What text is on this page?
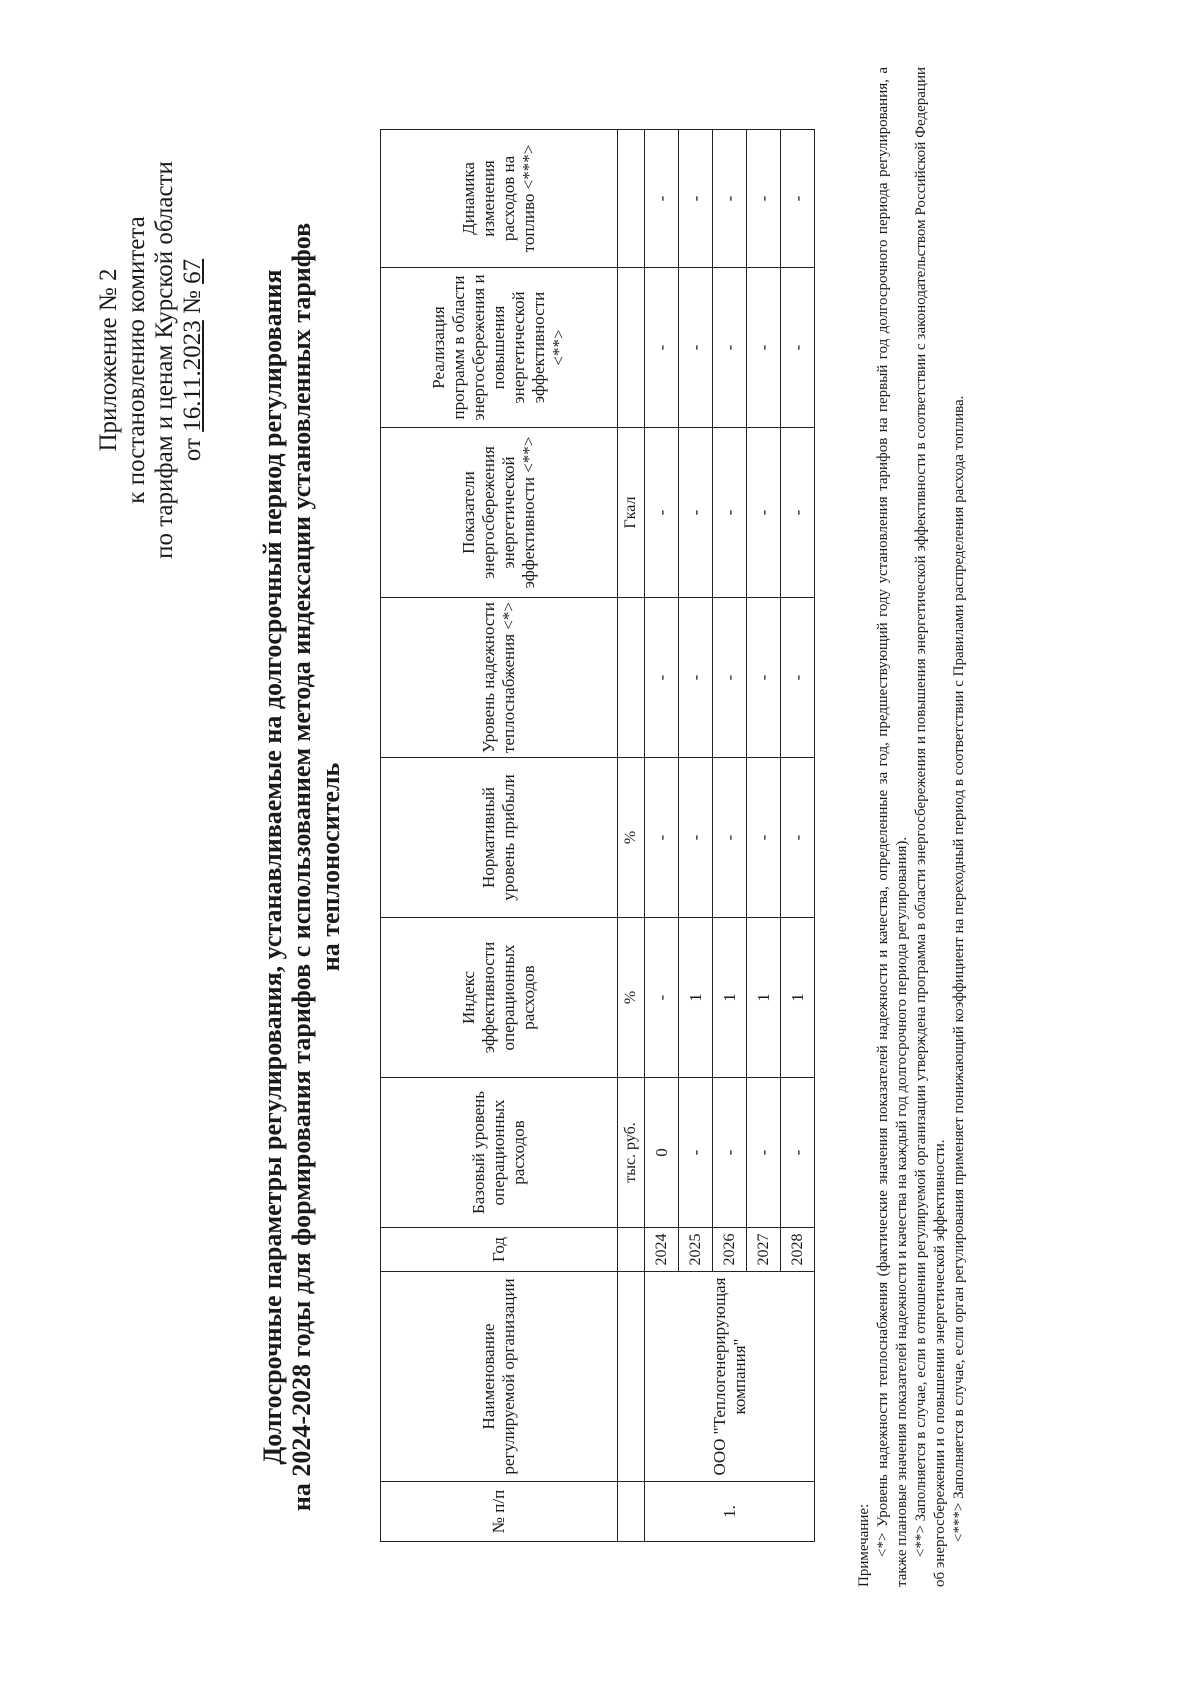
Приложение № 2 к постановлению комитета по тарифам и ценам Курской области от 16.11.2023 № 67 Долгосрочные параметры регулирования, устанавливаемые на долгосрочный период регулирования на 2024-2028 годы для формирования тарифов с использованием метода индексации установленных тарифов на теплоноситель
№ п/п	Наименование регулируемой организации	Год	Базовый уровень операционных расходов	Индекс эффективности операционных расходов	Нормативный уровень прибыли	Уровень надежности теплоснабжения <*>	Показатели энергосбережения энергетической эффективности <**>	Реализация программ в области энергосбережения и повышения энергетической эффективности <**>	Динамика изменения расходов на топливо <***>
			тыс. руб.	%	%		Гкал		
1.	ООО "Теплогенерирующая компания"	2024	0	-	-	-	-	-	-
		2025	-	1	-	-	-	-	-
		2026	-	1	-	-	-	-	-
		2027	-	1	-	-	-	-	-
		2028	-	1	-	-	-	-	-

Примечание: <*> Уровень надежности теплоснабжения (фактические значения показателей надежности и качества, определенные за год, предшествующий году установления тарифов на первый год долгосрочного периода регулирования, а также плановые значения показателей надежности и качества на каждый год долгосрочного периода регулирования). <**> Заполняется в случае, если в отношении регулируемой организации утверждена программа в области энергосбережения и повышения энергетической эффективности в соответствии с законодательством Российской Федерации об энергосбережении и о повышении энергетической эффективности. <***> Заполняется в случае, если орган регулирования применяет понижающий коэффициент на переходный период в соответствии с Правилами распределения расхода топлива.
